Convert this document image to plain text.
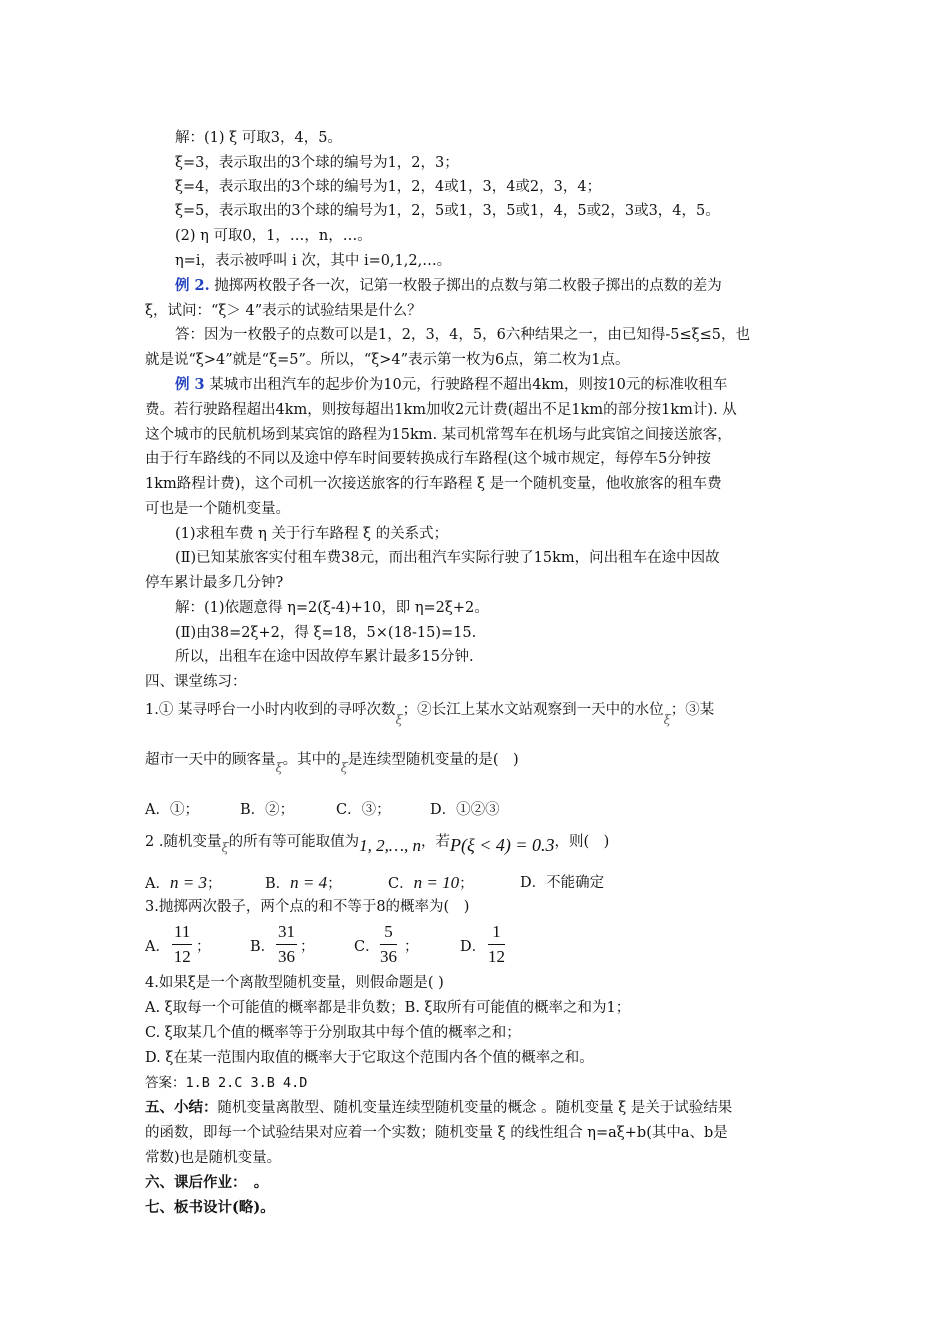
解：(1) ξ 可取3，4，5。
ξ=3，表示取出的3个球的编号为1，2，3；
ξ=4，表示取出的3个球的编号为1，2，4或1，3，4或2，3，4；
ξ=5，表示取出的3个球的编号为1，2，5或1，3，5或1，4，5或2，3或3，4，5。
(2) η 可取0，1，…，n，…。
η=i，表示被呼叫 i 次，其中 i=0,1,2,…。
例 2. 抛掷两枚骰子各一次，记第一枚骰子掷出的点数与第二枚骰子掷出的点数的差为
ξ，试问：“ξ＞ 4”表示的试验结果是什么？
答：因为一枚骰子的点数可以是1，2，3，4，5，6六种结果之一，由已知得-5≤ξ≤5，也
就是说“ξ>4”就是“ξ=5”。所以，“ξ>4”表示第一枚为6点，第二枚为1点。
例 3 某城市出租汽车的起步价为10元，行驶路程不超出4km，则按10元的标准收租车
费。若行驶路程超出4km，则按每超出1km加收2元计费(超出不足1km的部分按1km计). 从
这个城市的民航机场到某宾馆的路程为15km. 某司机常驾车在机场与此宾馆之间接送旅客，
由于行车路线的不同以及途中停车时间要转换成行车路程(这个城市规定，每停车5分钟按
1km路程计费)，这个司机一次接送旅客的行车路程 ξ 是一个随机变量，他收旅客的租车费
可也是一个随机变量。
(1)求租车费 η 关于行车路程 ξ 的关系式；
(Ⅱ)已知某旅客实付租车费38元，而出租汽车实际行驶了15km，问出租车在途中因故
停车累计最多几分钟?
解：(1)依题意得 η=2(ξ-4)+10，即 η=2ξ+2。
(Ⅱ)由38=2ξ+2，得 ξ=18，5×(18-15)=15.
所以，出租车在途中因故停车累计最多15分钟.
四、课堂练习：
1.① 某寻呼台一小时内收到的寻呼次数ξ；②长江上某水文站观察到一天中的水位ξ；③某
超市一天中的顾客量ξ。其中的ξ是连续型随机变量的是(　)
A．①；	B．②；	C．③；	D．①②③
2 .随机变量ξ的所有等可能取值为1, 2,…, n，若P(ξ < 4) = 0.3，则(　)
A．n = 3；	B．n = 4；	C．n = 10；	D．不能确定
3.抛掷两次骰子，两个点的和不等于8的概率为(　)
A．
11
12 ；	B．
31
36 ；	C．
5
36 ；	D．
1
12
4.如果ξ是一个离散型随机变量，则假命题是( )
A. ξ取每一个可能值的概率都是非负数；B. ξ取所有可能值的概率之和为1；
C. ξ取某几个值的概率等于分别取其中每个值的概率之和；
D. ξ在某一范围内取值的概率大于它取这个范围内各个值的概率之和。
答案：1.B 2.C 3.B 4.D
五、小结：随机变量离散型、随机变量连续型随机变量的概念 。随机变量 ξ 是关于试验结果
的函数，即每一个试验结果对应着一个实数；随机变量 ξ 的线性组合 η=aξ+b(其中a、b是
常数)也是随机变量。
六、课后作业：　。
七、板书设计(略)。
